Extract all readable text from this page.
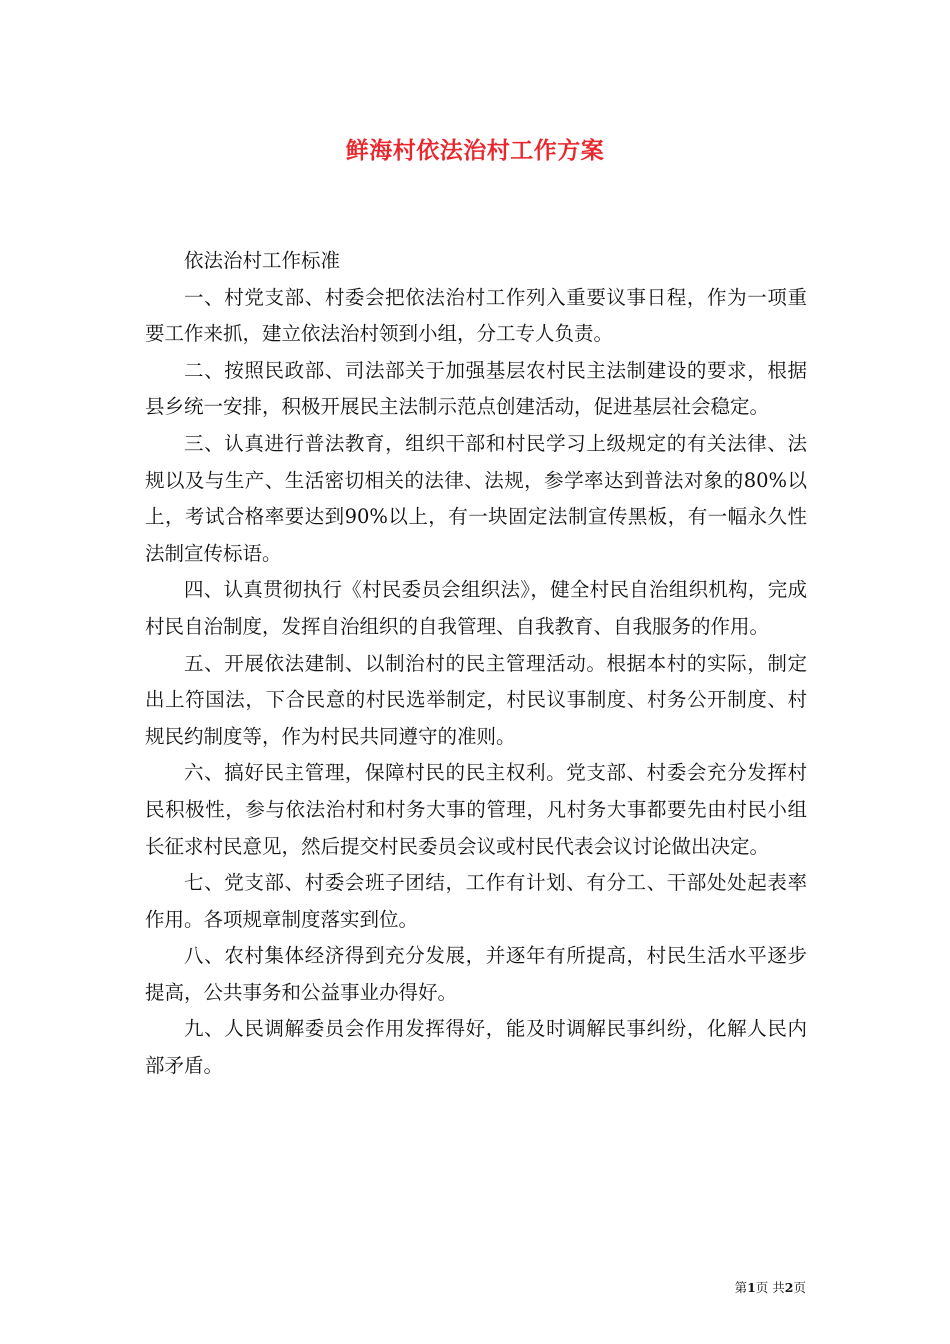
鲜海村依法治村工作方案

依法治村工作标准

一、村党支部、村委会把依法治村工作列入重要议事日程，作为一项重要工作来抓，建立依法治村领到小组，分工专人负责。

二、按照民政部、司法部关于加强基层农村民主法制建设的要求，根据县乡统一安排，积极开展民主法制示范点创建活动，促进基层社会稳定。

三、认真进行普法教育，组织干部和村民学习上级规定的有关法律、法规以及与生产、生活密切相关的法律、法规，参学率达到普法对象的80%以上，考试合格率要达到90%以上，有一块固定法制宣传黑板，有一幅永久性法制宣传标语。

四、认真贯彻执行《村民委员会组织法》，健全村民自治组织机构，完成村民自治制度，发挥自治组织的自我管理、自我教育、自我服务的作用。

五、开展依法建制、以制治村的民主管理活动。根据本村的实际，制定出上符国法，下合民意的村民选举制定，村民议事制度、村务公开制度、村规民约制度等，作为村民共同遵守的准则。

六、搞好民主管理，保障村民的民主权利。党支部、村委会充分发挥村民积极性，参与依法治村和村务大事的管理，凡村务大事都要先由村民小组长征求村民意见，然后提交村民委员会议或村民代表会议讨论做出决定。

七、党支部、村委会班子团结，工作有计划、有分工、干部处处起表率作用。各项规章制度落实到位。

八、农村集体经济得到充分发展，并逐年有所提高，村民生活水平逐步提高，公共事务和公益事业办得好。

九、人民调解委员会作用发挥得好，能及时调解民事纠纷，化解人民内部矛盾。

第1页 共2页
